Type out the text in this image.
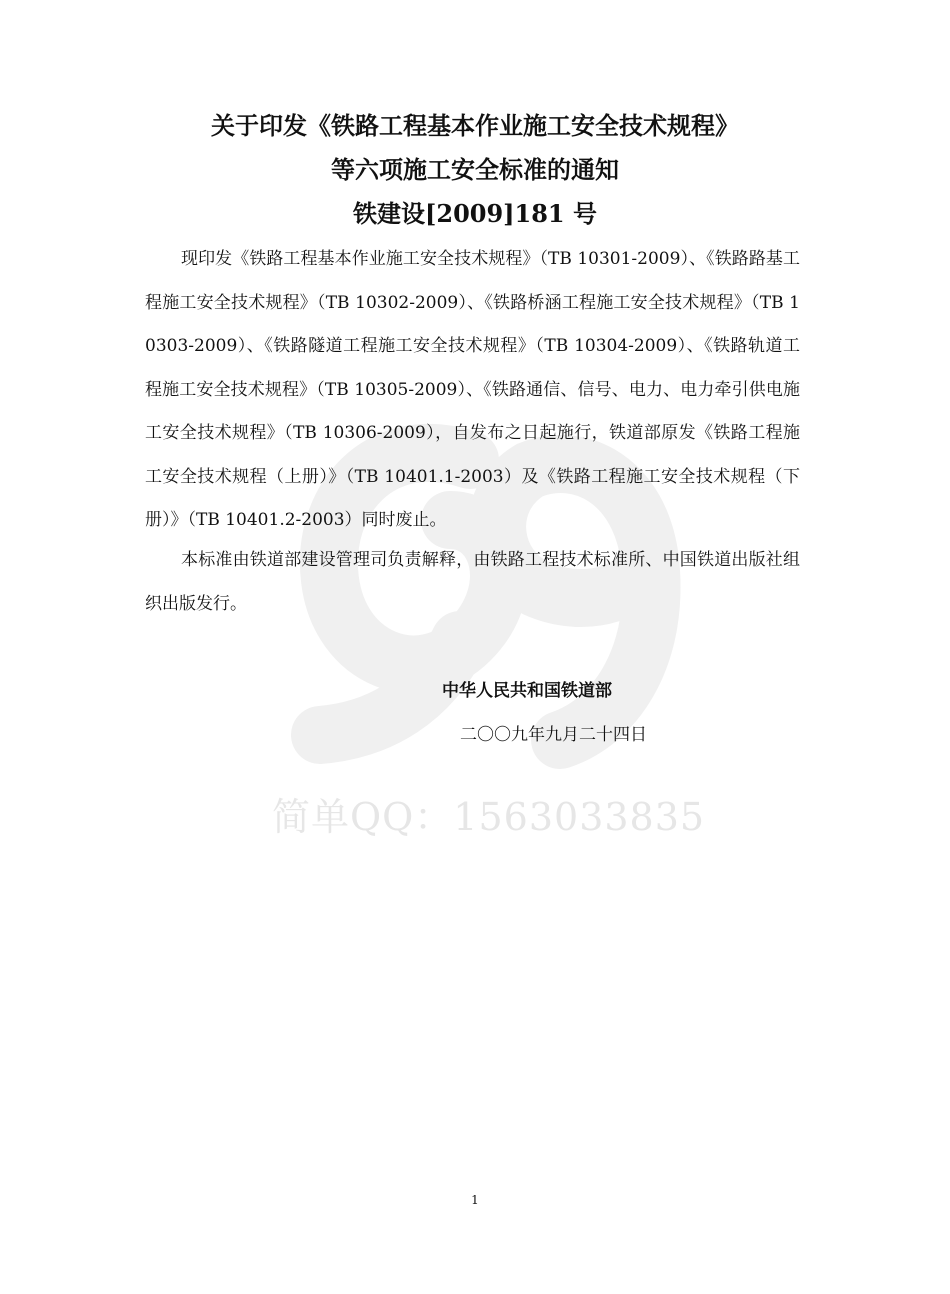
简单QQ：1563033835
关于印发《铁路工程基本作业施工安全技术规程》
等六项施工安全标准的通知
铁建设[2009]181 号

现印发《铁路工程基本作业施工安全技术规程》（TB 10301-2009）、《铁路路基工程施工安全技术规程》（TB 10302-2009）、《铁路桥涵工程施工安全技术规程》（TB 10303-2009）、《铁路隧道工程施工安全技术规程》（TB 10304-2009）、《铁路轨道工程施工安全技术规程》（TB 10305-2009）、《铁路通信、信号、电力、电力牵引供电施工安全技术规程》（TB 10306-2009），自发布之日起施行，铁道部原发《铁路工程施工安全技术规程（上册）》（TB 10401.1-2003）及《铁路工程施工安全技术规程（下册）》（TB 10401.2-2003）同时废止。

本标准由铁道部建设管理司负责解释，由铁路工程技术标准所、中国铁道出版社组织出版发行。

中华人民共和国铁道部
二〇〇九年九月二十四日
1
